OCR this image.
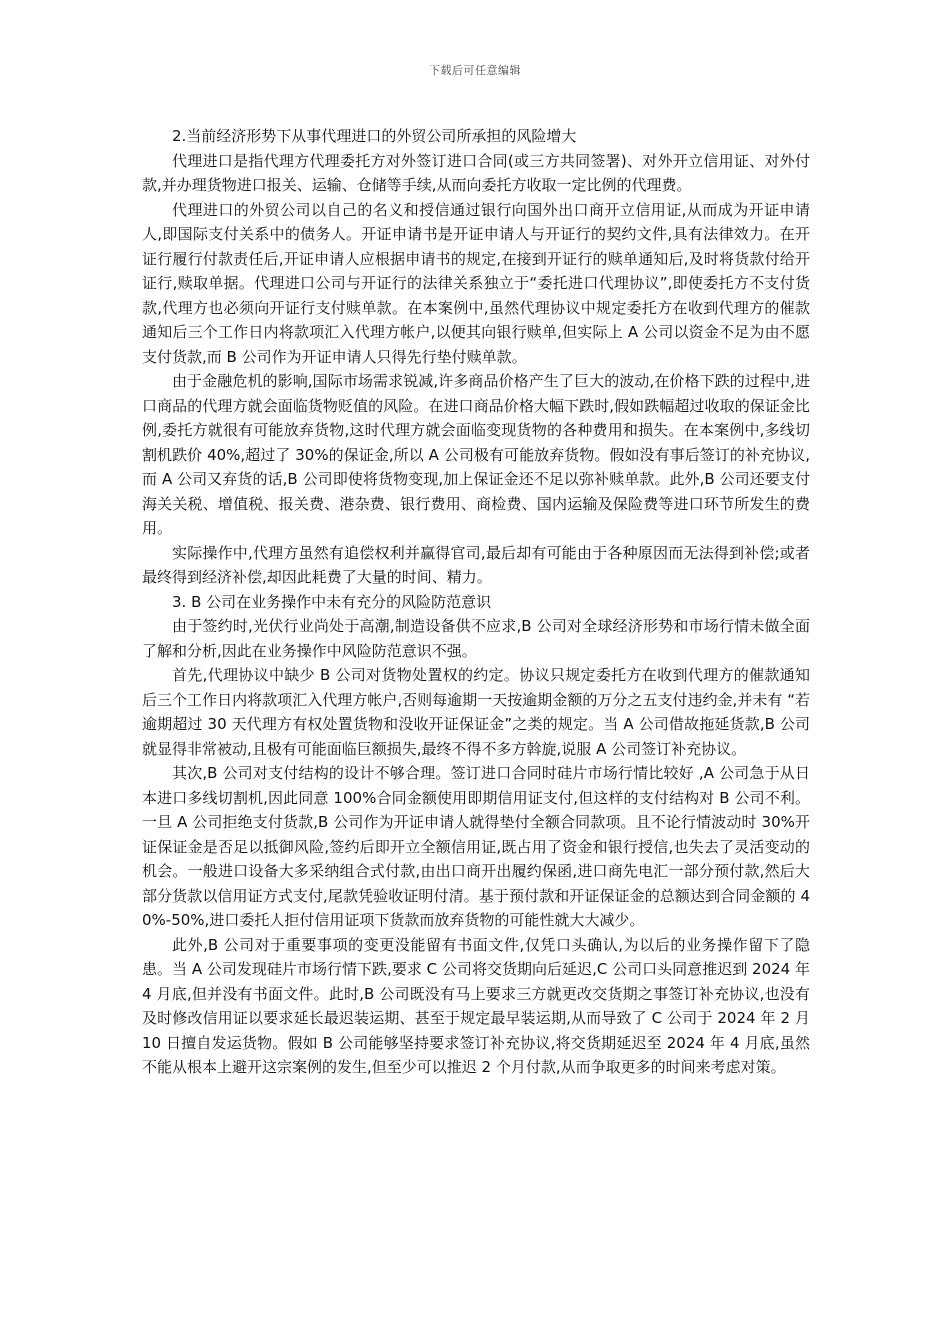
下载后可任意编辑

2.当前经济形势下从事代理进口的外贸公司所承担的风险增大

代理进口是指代理方代理委托方对外签订进口合同(或三方共同签署)、对外开立信用证、对外付款,并办理货物进口报关、运输、仓储等手续,从而向委托方收取一定比例的代理费。

代理进口的外贸公司以自己的名义和授信通过银行向国外出口商开立信用证,从而成为开证申请人,即国际支付关系中的债务人。开证申请书是开证申请人与开证行的契约文件,具有法律效力。在开证行履行付款责任后,开证申请人应根据申请书的规定,在接到开证行的赎单通知后,及时将货款付给开证行,赎取单据。代理进口公司与开证行的法律关系独立于“委托进口代理协议”,即使委托方不支付货款,代理方也必须向开证行支付赎单款。在本案例中,虽然代理协议中规定委托方在收到代理方的催款通知后三个工作日内将款项汇入代理方帐户,以便其向银行赎单,但实际上 A 公司以资金不足为由不愿支付货款,而 B 公司作为开证申请人只得先行垫付赎单款。

由于金融危机的影响,国际市场需求锐减,许多商品价格产生了巨大的波动,在价格下跌的过程中,进口商品的代理方就会面临货物贬值的风险。在进口商品价格大幅下跌时,假如跌幅超过收取的保证金比例,委托方就很有可能放弃货物,这时代理方就会面临变现货物的各种费用和损失。在本案例中,多线切割机跌价 40%,超过了 30%的保证金,所以 A 公司极有可能放弃货物。假如没有事后签订的补充协议,而 A 公司又弃货的话,B 公司即使将货物变现,加上保证金还不足以弥补赎单款。此外,B 公司还要支付海关关税、增值税、报关费、港杂费、银行费用、商检费、国内运输及保险费等进口环节所发生的费用。

实际操作中,代理方虽然有追偿权利并赢得官司,最后却有可能由于各种原因而无法得到补偿;或者最终得到经济补偿,却因此耗费了大量的时间、精力。

3. B 公司在业务操作中未有充分的风险防范意识

由于签约时,光伏行业尚处于高潮,制造设备供不应求,B 公司对全球经济形势和市场行情未做全面了解和分析,因此在业务操作中风险防范意识不强。

首先,代理协议中缺少 B 公司对货物处置权的约定。协议只规定委托方在收到代理方的催款通知后三个工作日内将款项汇入代理方帐户,否则每逾期一天按逾期金额的万分之五支付违约金,并未有 “若逾期超过 30 天代理方有权处置货物和没收开证保证金”之类的规定。当 A 公司借故拖延货款,B 公司就显得非常被动,且极有可能面临巨额损失,最终不得不多方斡旋,说服 A 公司签订补充协议。

其次,B 公司对支付结构的设计不够合理。签订进口合同时硅片市场行情比较好 ,A 公司急于从日本进口多线切割机,因此同意 100%合同金额使用即期信用证支付,但这样的支付结构对 B 公司不利。一旦 A 公司拒绝支付货款,B 公司作为开证申请人就得垫付全额合同款项。且不论行情波动时 30%开证保证金是否足以抵御风险,签约后即开立全额信用证,既占用了资金和银行授信,也失去了灵活变动的机会。一般进口设备大多采纳组合式付款,由出口商开出履约保函,进口商先电汇一部分预付款,然后大部分货款以信用证方式支付,尾款凭验收证明付清。基于预付款和开证保证金的总额达到合同金额的 40%-50%,进口委托人拒付信用证项下货款而放弃货物的可能性就大大减少。

此外,B 公司对于重要事项的变更没能留有书面文件,仅凭口头确认,为以后的业务操作留下了隐患。当 A 公司发现硅片市场行情下跌,要求 C 公司将交货期向后延迟,C 公司口头同意推迟到 2024 年 4 月底,但并没有书面文件。此时,B 公司既没有马上要求三方就更改交货期之事签订补充协议,也没有及时修改信用证以要求延长最迟装运期、甚至于规定最早装运期,从而导致了 C 公司于 2024 年 2 月 10 日擅自发运货物。假如 B 公司能够坚持要求签订补充协议,将交货期延迟至 2024 年 4 月底,虽然不能从根本上避开这宗案例的发生,但至少可以推迟 2 个月付款,从而争取更多的时间来考虑对策。
